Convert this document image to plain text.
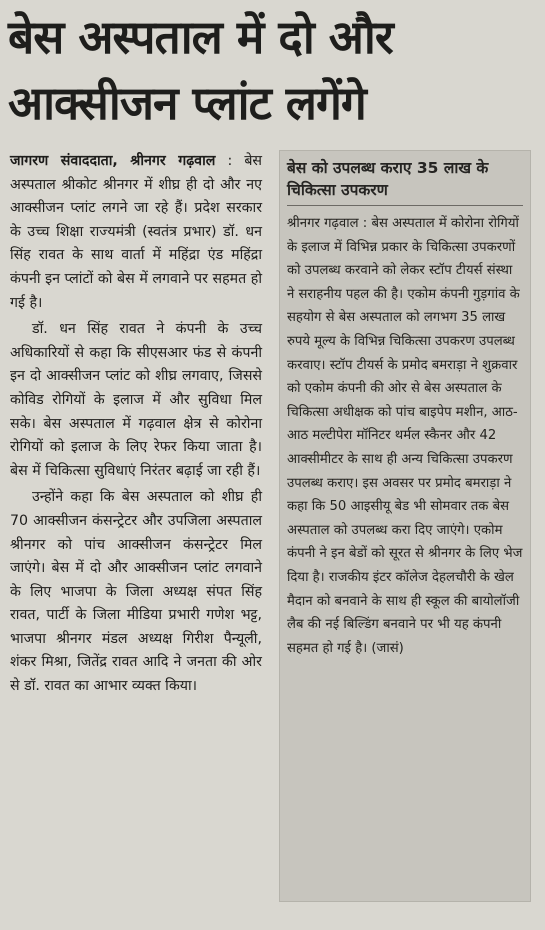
बेस अस्पताल में दो और
आक्सीजन प्लांट लगेंगे

जागरण संवाददाता, श्रीनगर गढ़वाल : बेस अस्पताल श्रीकोट श्रीनगर में शीघ्र ही दो और नए आक्सीजन प्लांट लगने जा रहे हैं। प्रदेश सरकार के उच्च शिक्षा राज्यमंत्री (स्वतंत्र प्रभार) डॉ. धन सिंह रावत के साथ वार्ता में महिंद्रा एंड महिंद्रा कंपनी इन प्लांटों को बेस में लगवाने पर सहमत हो गई है।

डॉ. धन सिंह रावत ने कंपनी के उच्च अधिकारियों से कहा कि सीएसआर फंड से कंपनी इन दो आक्सीजन प्लांट को शीघ्र लगवाए, जिससे कोविड रोगियों के इलाज में और सुविधा मिल सके। बेस अस्पताल में गढ़वाल क्षेत्र से कोरोना रोगियों को इलाज के लिए रेफर किया जाता है। बेस में चिकित्सा सुविधाएं निरंतर बढ़ाई जा रही हैं।

उन्होंने कहा कि बेस अस्पताल को शीघ्र ही 70 आक्सीजन कंसन्ट्रेटर और उपजिला अस्पताल श्रीनगर को पांच आक्सीजन कंसन्ट्रेटर मिल जाएंगे। बेस में दो और आक्सीजन प्लांट लगवाने के लिए भाजपा के जिला अध्यक्ष संपत सिंह रावत, पार्टी के जिला मीडिया प्रभारी गणेश भट्ट, भाजपा श्रीनगर मंडल अध्यक्ष गिरीश पैन्यूली, शंकर मिश्रा, जितेंद्र रावत आदि ने जनता की ओर से डॉ. रावत का आभार व्यक्त किया।

बेस को उपलब्ध कराए 35 लाख के चिकित्सा उपकरण
श्रीनगर गढ़वाल : बेस अस्पताल में कोरोना रोगियों के इलाज में विभिन्न प्रकार के चिकित्सा उपकरणों को उपलब्ध करवाने को लेकर स्टॉप टीयर्स संस्था ने सराहनीय पहल की है। एकोम कंपनी गुड़गांव के सहयोग से बेस अस्पताल को लगभग 35 लाख रुपये मूल्य के विभिन्न चिकित्सा उपकरण उपलब्ध करवाए। स्टॉप टीयर्स के प्रमोद बमराड़ा ने शुक्रवार को एकोम कंपनी की ओर से बेस अस्पताल के चिकित्सा अधीक्षक को पांच बाइपेप मशीन, आठ-आठ मल्टीपेरा मॉनिटर थर्मल स्कैनर और 42 आक्सीमीटर के साथ ही अन्य चिकित्सा उपकरण उपलब्ध कराए। इस अवसर पर प्रमोद बमराड़ा ने कहा कि 50 आइसीयू बेड भी सोमवार तक बेस अस्पताल को उपलब्ध करा दिए जाएंगे। एकोम कंपनी ने इन बेडों को सूरत से श्रीनगर के लिए भेज दिया है। राजकीय इंटर कॉलेज देहलचौरी के खेल मैदान को बनवाने के साथ ही स्कूल की बायोलॉजी लैब की नई बिल्डिंग बनवाने पर भी यह कंपनी सहमत हो गई है। (जासं)
